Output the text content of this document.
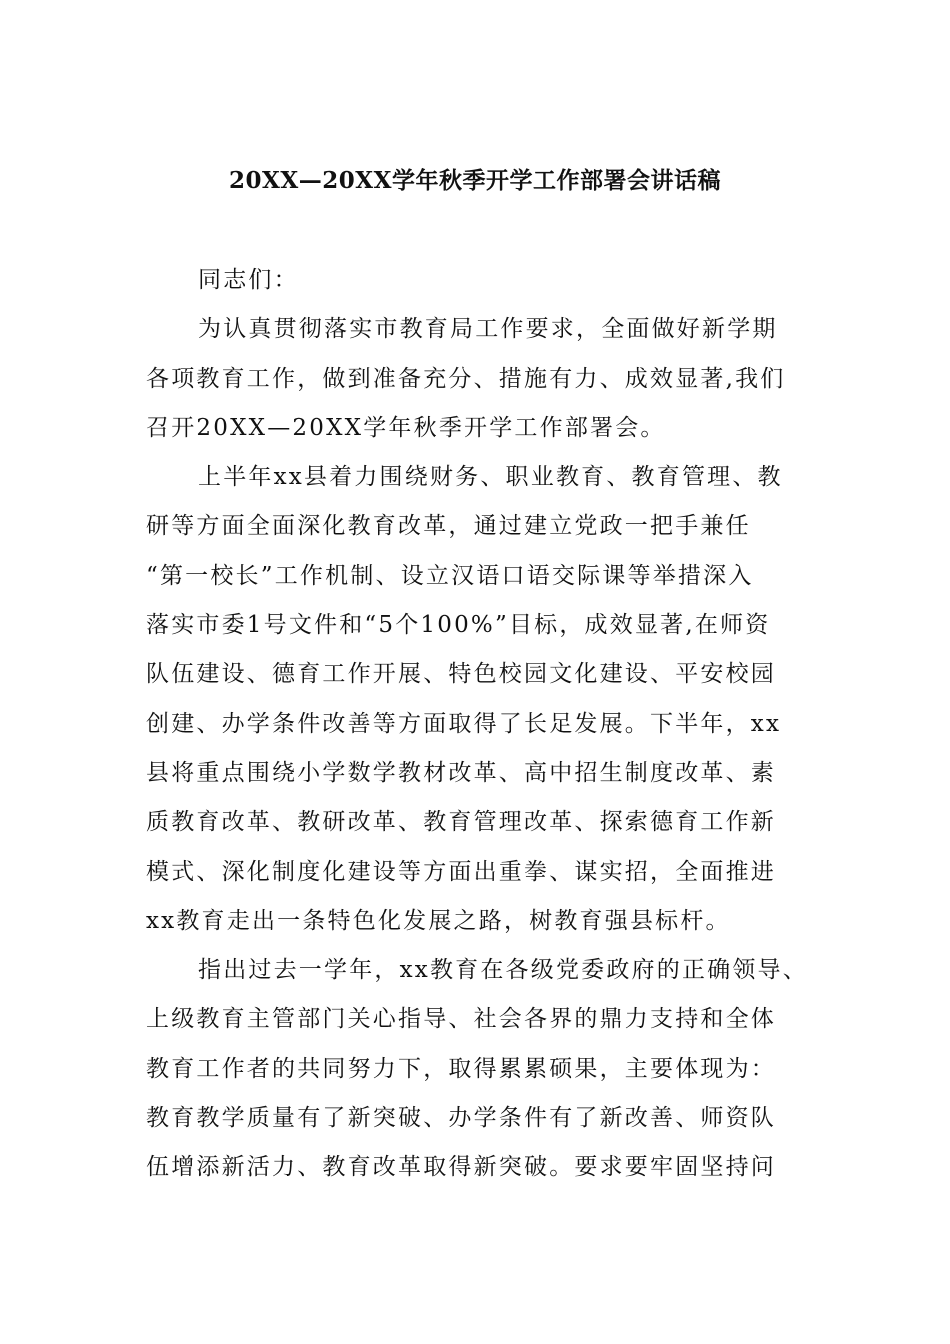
20XX—20XX学年秋季开学工作部署会讲话稿
同志们：
为认真贯彻落实市教育局工作要求，全面做好新学期
各项教育工作，做到准备充分、措施有力、成效显著,我们
召开20XX—20XX学年秋季开学工作部署会。
上半年xx县着力围绕财务、职业教育、教育管理、教
研等方面全面深化教育改革，通过建立党政一把手兼任
“第一校长”工作机制、设立汉语口语交际课等举措深入
落实市委1号文件和“5个100%”目标，成效显著,在师资
队伍建设、德育工作开展、特色校园文化建设、平安校园
创建、办学条件改善等方面取得了长足发展。下半年，xx
县将重点围绕小学数学教材改革、高中招生制度改革、素
质教育改革、教研改革、教育管理改革、探索德育工作新
模式、深化制度化建设等方面出重拳、谋实招，全面推进
xx教育走出一条特色化发展之路，树教育强县标杆。
指出过去一学年，xx教育在各级党委政府的正确领导、
上级教育主管部门关心指导、社会各界的鼎力支持和全体
教育工作者的共同努力下，取得累累硕果，主要体现为：
教育教学质量有了新突破、办学条件有了新改善、师资队
伍增添新活力、教育改革取得新突破。要求要牢固坚持问
